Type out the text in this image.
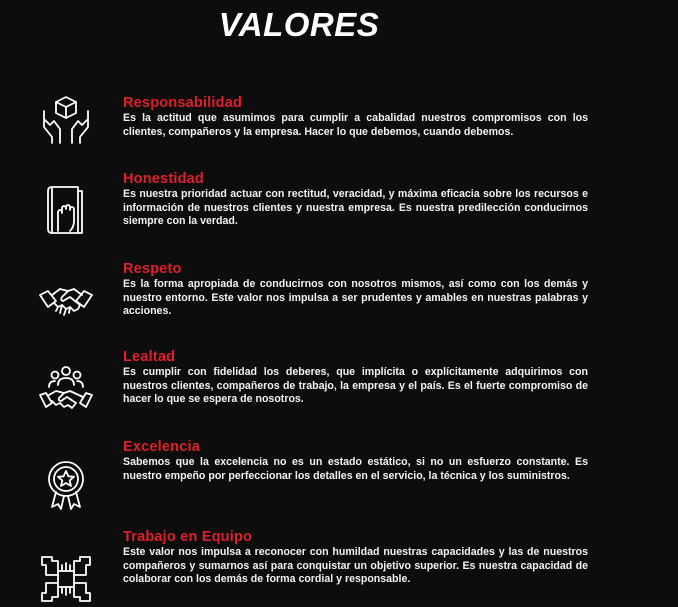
VALORES
Responsabilidad

Es la actitud que asumimos para cumplir a cabalidad nuestros compromisos con los clientes, compañeros y la empresa. Hacer lo que debemos, cuando debemos.

Honestidad

Es nuestra prioridad actuar con rectitud, veracidad, y máxima eficacia sobre los recursos e información de nuestros clientes y nuestra empresa. Es nuestra predilección conducirnos siempre con la verdad.

Respeto

Es la forma apropiada de conducirnos con nosotros mismos, así como con los demás y nuestro entorno. Este valor nos impulsa a ser prudentes y amables en nuestras palabras y acciones.

Lealtad

Es cumplir con fidelidad los deberes, que implícita o explícitamente adquirimos con nuestros clientes, compañeros de trabajo, la empresa y el país. Es el fuerte compromiso de hacer lo que se espera de nosotros.

Excelencia

Sabemos que la excelencia no es un estado estático, si no un esfuerzo constante. Es nuestro empeño por perfeccionar los detalles en el servicio, la técnica y los suministros.

Trabajo en Equipo

Este valor nos impulsa a reconocer con humildad nuestras capacidades y las de nuestros compañeros y sumarnos así para conquistar un objetivo superior. Es nuestra capacidad de colaborar con los demás de forma cordial y responsable.
